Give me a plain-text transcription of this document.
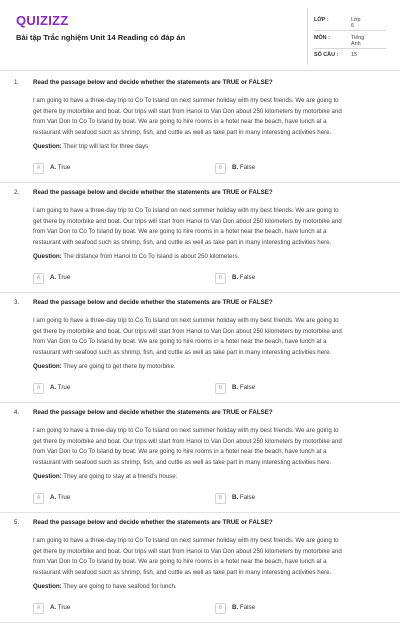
QUIZIZZ
Bài tập Trắc nghiệm Unit 14 Reading có đáp án
LỚP :	Lớp 6
MÔN :	Tiếng Anh
SỐ CÂU :	15
1. Read the passage below and decide whether the statements are TRUE or FALSE?
I am going to have a three-day trip to Co To Island on next summer holiday with my best friends. We are going to
get there by motorbike and boat. Our trips will start from Hanoi to Van Don about 250 kilometers by motorbike and
from Van Don to Co To Island by boat. We are going to hire rooms in a hotel near the beach, have lunch at a
restaurant with seafood such as shrimp, fish, and cuttle as well as take part in many interesting activities here.
Question: Their trip will last for three days
A	A. True	B	B. False
2. Read the passage below and decide whether the statements are TRUE or FALSE?
I am going to have a three-day trip to Co To Island on next summer holiday with my best friends. We are going to
get there by motorbike and boat. Our trips will start from Hanoi to Van Don about 250 kilometers by motorbike and
from Van Don to Co To Island by boat. We are going to hire rooms in a hotel near the beach, have lunch at a
restaurant with seafood such as shrimp, fish, and cuttle as well as take part in many interesting activities here.
Question: The distance from Hanoi to Co To Island is about 250 kilometers.
A	A. True	B	B. False
3. Read the passage below and decide whether the statements are TRUE or FALSE?
I am going to have a three-day trip to Co To Island on next summer holiday with my best friends. We are going to
get there by motorbike and boat. Our trips will start from Hanoi to Van Don about 250 kilometers by motorbike and
from Van Don to Co To Island by boat. We are going to hire rooms in a hotel near the beach, have lunch at a
restaurant with seafood such as shrimp, fish, and cuttle as well as take part in many interesting activities here.
Question: They are going to get there by motorbike.
A	A. True	B	B. False
4. Read the passage below and decide whether the statements are TRUE or FALSE?
I am going to have a three-day trip to Co To Island on next summer holiday with my best friends. We are going to
get there by motorbike and boat. Our trips will start from Hanoi to Van Don about 250 kilometers by motorbike and
from Van Don to Co To Island by boat. We are going to hire rooms in a hotel near the beach, have lunch at a
restaurant with seafood such as shrimp, fish, and cuttle as well as take part in many interesting activities here.
Question: They are going to stay at a friend's house.
A	A. True	B	B. False
5. Read the passage below and decide whether the statements are TRUE or FALSE?
I am going to have a three-day trip to Co To Island on next summer holiday with my best friends. We are going to
get there by motorbike and boat. Our trips will start from Hanoi to Van Don about 250 kilometers by motorbike and
from Van Don to Co To Island by boat. We are going to hire rooms in a hotel near the beach, have lunch at a
restaurant with seafood such as shrimp, fish, and cuttle as well as take part in many interesting activities here.
Question: They are going to have seafood for lunch.
A	A. True	B	B. False
